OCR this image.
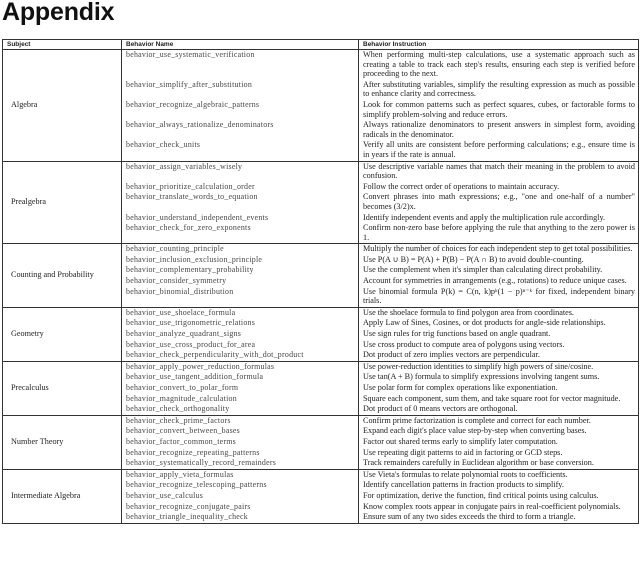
Appendix
Subject	Behavior Name	Behavior Instruction
Algebra	behavior_use_systematic_verification	When performing multi-step calculations, use a systematic approach such as creating a table to track each step's results, ensuring each step is verified before proceeding to the next.
	behavior_simplify_after_substitution	After substituting variables, simplify the resulting expression as much as possible to enhance clarity and correctness.
	behavior_recognize_algebraic_patterns	Look for common patterns such as perfect squares, cubes, or factorable forms to simplify problem-solving and reduce errors.
	behavior_always_rationalize_denominators	Always rationalize denominators to present answers in simplest form, avoiding radicals in the denominator.
	behavior_check_units	Verify all units are consistent before performing calculations; e.g., ensure time is in years if the rate is annual.
Prealgebra	behavior_assign_variables_wisely	Use descriptive variable names that match their meaning in the problem to avoid confusion.
	behavior_prioritize_calculation_order	Follow the correct order of operations to maintain accuracy.
	behavior_translate_words_to_equation	Convert phrases into math expressions; e.g., "one and one-half of a number" becomes (3/2)x.
	behavior_understand_independent_events	Identify independent events and apply the multiplication rule accordingly.
	behavior_check_for_zero_exponents	Confirm non-zero base before applying the rule that anything to the zero power is 1.
Counting and Probability	behavior_counting_principle	Multiply the number of choices for each independent step to get total possibilities.
	behavior_inclusion_exclusion_principle	Use P(A ∪ B) = P(A) + P(B) − P(A ∩ B) to avoid double-counting.
	behavior_complementary_probability	Use the complement when it's simpler than calculating direct probability.
	behavior_consider_symmetry	Account for symmetries in arrangements (e.g., rotations) to reduce unique cases.
	behavior_binomial_distribution	Use binomial formula P(k) = C(n, k)pᵏ(1 − p)ⁿ⁻ᵏ for fixed, independent binary trials.
Geometry	behavior_use_shoelace_formula	Use the shoelace formula to find polygon area from coordinates.
	behavior_use_trigonometric_relations	Apply Law of Sines, Cosines, or dot products for angle-side relationships.
	behavior_analyze_quadrant_signs	Use sign rules for trig functions based on angle quadrant.
	behavior_use_cross_product_for_area	Use cross product to compute area of polygons using vectors.
	behavior_check_perpendicularity_with_dot_product	Dot product of zero implies vectors are perpendicular.
Precalculus	behavior_apply_power_reduction_formulas	Use power-reduction identities to simplify high powers of sine/cosine.
	behavior_use_tangent_addition_formula	Use tan(A + B) formula to simplify expressions involving tangent sums.
	behavior_convert_to_polar_form	Use polar form for complex operations like exponentiation.
	behavior_magnitude_calculation	Square each component, sum them, and take square root for vector magnitude.
	behavior_check_orthogonality	Dot product of 0 means vectors are orthogonal.
Number Theory	behavior_check_prime_factors	Confirm prime factorization is complete and correct for each number.
	behavior_convert_between_bases	Expand each digit's place value step-by-step when converting bases.
	behavior_factor_common_terms	Factor out shared terms early to simplify later computation.
	behavior_recognize_repeating_patterns	Use repeating digit patterns to aid in factoring or GCD steps.
	behavior_systematically_record_remainders	Track remainders carefully in Euclidean algorithm or base conversion.
Intermediate Algebra	behavior_apply_vieta_formulas	Use Vieta's formulas to relate polynomial roots to coefficients.
	behavior_recognize_telescoping_patterns	Identify cancellation patterns in fraction products to simplify.
	behavior_use_calculus	For optimization, derive the function, find critical points using calculus.
	behavior_recognize_conjugate_pairs	Know complex roots appear in conjugate pairs in real-coefficient polynomials.
	behavior_triangle_inequality_check	Ensure sum of any two sides exceeds the third to form a triangle.
